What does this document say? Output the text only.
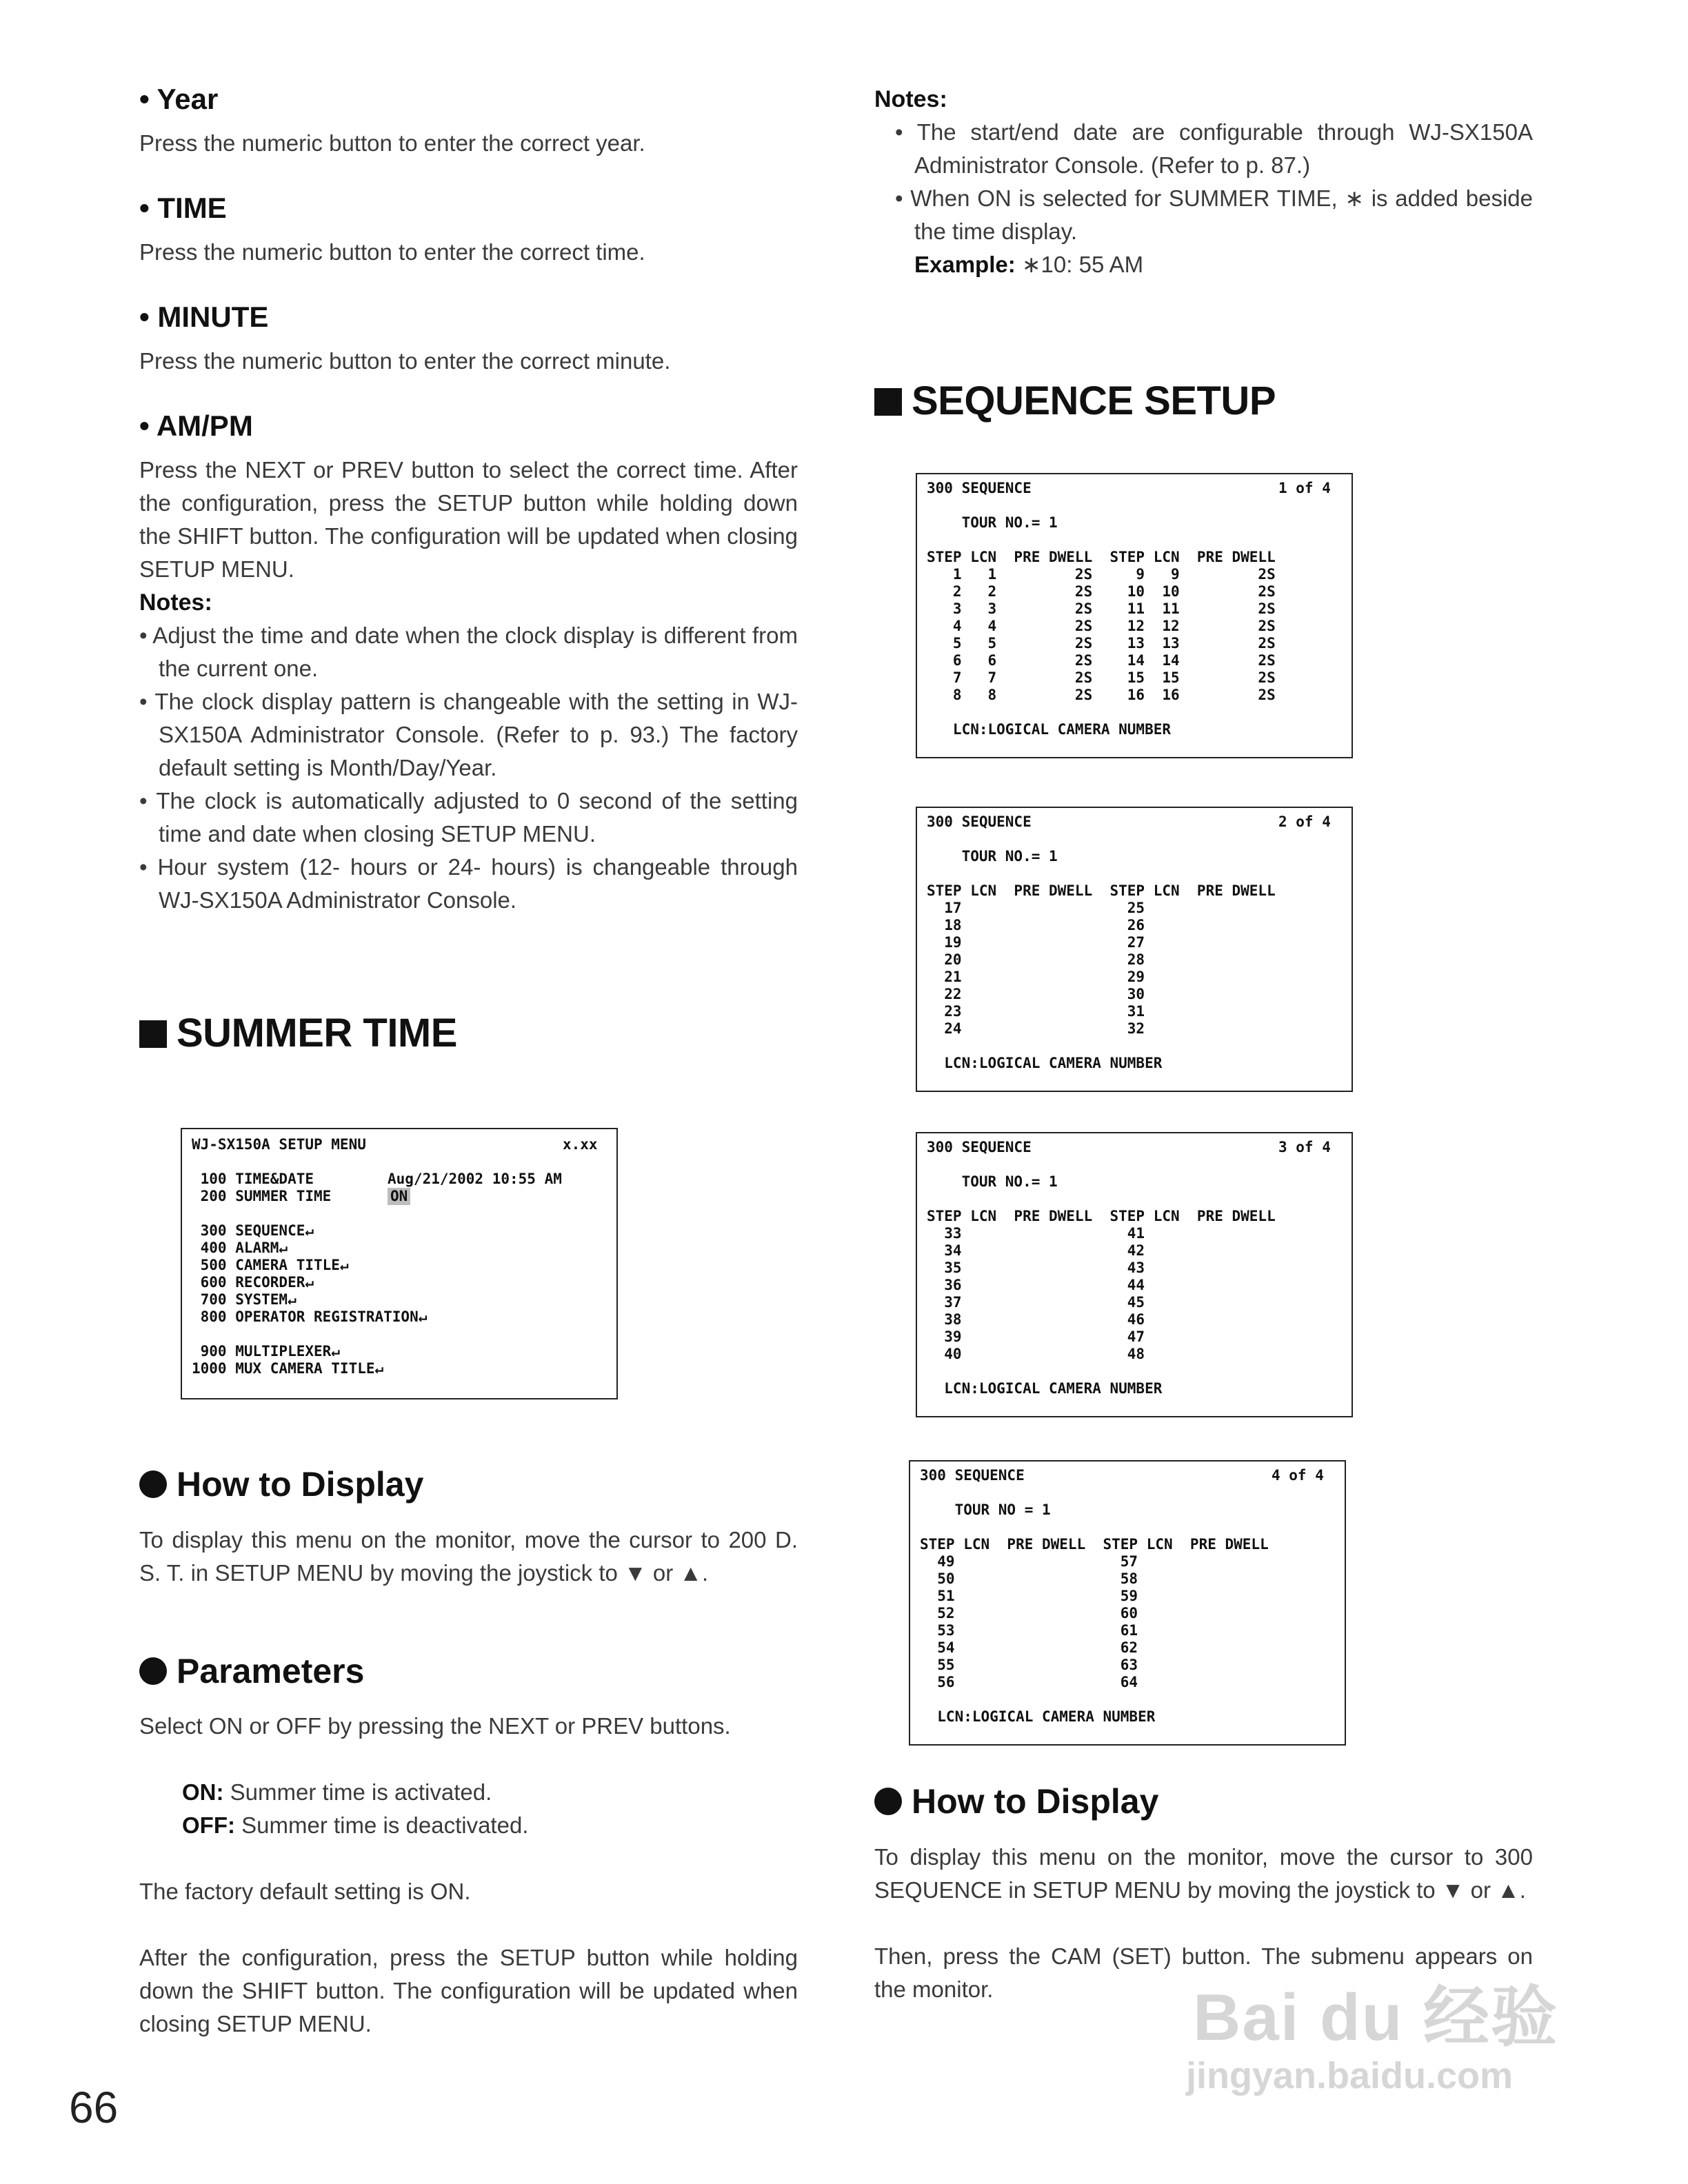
• Year

Press the numeric button to enter the correct year.

• TIME

Press the numeric button to enter the correct time.

• MINUTE

Press the numeric button to enter the correct minute.

• AM/PM

Press the NEXT or PREV button to select the correct time. After the configuration, press the SETUP button while holding down the SHIFT button. The configuration will be updated when closing SETUP MENU.

Notes:

• Adjust the time and date when the clock display is different from the current one.

• The clock display pattern is changeable with the setting in WJ-SX150A Administrator Console. (Refer to p. 93.) The factory default setting is Month/Day/Year.

• The clock is automatically adjusted to 0 second of the setting time and date when closing SETUP MENU.

• Hour system (12- hours or 24- hours) is changeable through WJ-SX150A Administrator Console.

SUMMER TIME
WJ-SX150A SETUP MENU	x.xx
100 TIME&DATE	Aug/21/2002 10:55 AM
200 SUMMER TIME	ON
300 SEQUENCE↵
400 ALARM↵
500 CAMERA TITLE↵
600 RECORDER↵
700 SYSTEM↵
800 OPERATOR REGISTRATION↵
900 MULTIPLEXER↵
1000 MUX CAMERA TITLE↵
How to Display

To display this menu on the monitor, move the cursor to 200 D. S. T. in SETUP MENU by moving the joystick to ▼ or ▲.

Parameters

Select ON or OFF by pressing the NEXT or PREV buttons.

ON: Summer time is activated.

OFF: Summer time is deactivated.

The factory default setting is ON.

After the configuration, press the SETUP button while holding down the SHIFT button. The configuration will be updated when closing SETUP MENU.

Notes:

• The start/end date are configurable through WJ-SX150A Administrator Console. (Refer to p. 87.)

• When ON is selected for SUMMER TIME, ∗ is added beside the time display.

Example: ∗10: 55 AM

SEQUENCE SETUP
300 SEQUENCE	1 of 4
TOUR NO.= 1
STEP LCN  PRE DWELL  STEP LCN  PRE DWELL
1   1         2S     9   9         2S
2   2         2S    10  10         2S
3   3         2S    11  11         2S
4   4         2S    12  12         2S
5   5         2S    13  13         2S
6   6         2S    14  14         2S
7   7         2S    15  15         2S
8   8         2S    16  16         2S
LCN:LOGICAL CAMERA NUMBER
300 SEQUENCE	2 of 4
TOUR NO.= 1
STEP LCN  PRE DWELL  STEP LCN  PRE DWELL
17                   25
18                   26
19                   27
20                   28
21                   29
22                   30
23                   31
24                   32
LCN:LOGICAL CAMERA NUMBER
300 SEQUENCE	3 of 4
TOUR NO.= 1
STEP LCN  PRE DWELL  STEP LCN  PRE DWELL
33                   41
34                   42
35                   43
36                   44
37                   45
38                   46
39                   47
40                   48
LCN:LOGICAL CAMERA NUMBER
300 SEQUENCE	4 of 4
TOUR NO = 1
STEP LCN  PRE DWELL  STEP LCN  PRE DWELL
49                   57
50                   58
51                   59
52                   60
53                   61
54                   62
55                   63
56                   64
LCN:LOGICAL CAMERA NUMBER
How to Display

To display this menu on the monitor, move the cursor to 300 SEQUENCE in SETUP MENU by moving the joystick to ▼ or ▲.

Then, press the CAM (SET) button. The submenu appears on the monitor.

66

Bai du 经验
jingyan.baidu.com
